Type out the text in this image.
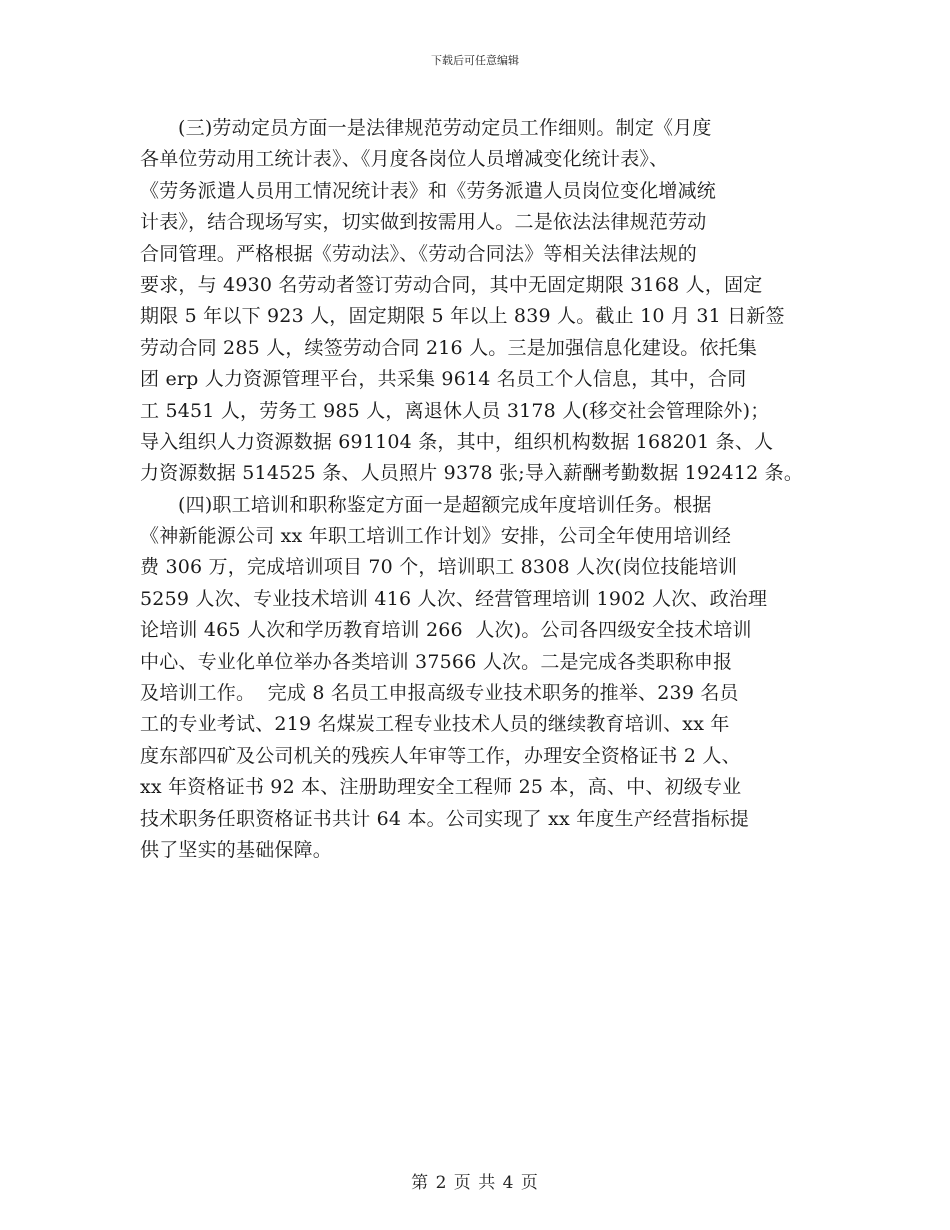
下载后可任意编辑
(三)劳动定员方面一是法律规范劳动定员工作细则。制定《月度
各单位劳动用工统计表》、《月度各岗位人员增减变化统计表》、
《劳务派遣人员用工情况统计表》和《劳务派遣人员岗位变化增减统
计表》，结合现场写实，切实做到按需用人。二是依法法律规范劳动
合同管理。严格根据《劳动法》、《劳动合同法》等相关法律法规的
要求，与 4930 名劳动者签订劳动合同，其中无固定期限 3168 人，固定
期限 5 年以下 923 人，固定期限 5 年以上 839 人。截止 10 月 31 日新签
劳动合同 285 人，续签劳动合同 216 人。三是加强信息化建设。依托集
团 erp 人力资源管理平台，共采集 9614 名员工个人信息，其中，合同
工 5451 人，劳务工 985 人，离退休人员 3178 人(移交社会管理除外)；
导入组织人力资源数据 691104 条，其中，组织机构数据 168201 条、人
力资源数据 514525 条、人员照片 9378 张;导入薪酬考勤数据 192412 条。
(四)职工培训和职称鉴定方面一是超额完成年度培训任务。根据
《神新能源公司 xx 年职工培训工作计划》安排，公司全年使用培训经
费 306 万，完成培训项目 70 个，培训职工 8308 人次(岗位技能培训
5259 人次、专业技术培训 416 人次、经营管理培训 1902 人次、政治理
论培训 465 人次和学历教育培训 266  人次)。公司各四级安全技术培训
中心、专业化单位举办各类培训 37566 人次。二是完成各类职称申报
及培训工作。  完成 8 名员工申报高级专业技术职务的推举、239 名员
工的专业考试、219 名煤炭工程专业技术人员的继续教育培训、xx 年
度东部四矿及公司机关的残疾人年审等工作，办理安全资格证书 2 人、
xx 年资格证书 92 本、注册助理安全工程师 25 本，高、中、初级专业
技术职务任职资格证书共计 64 本。公司实现了 xx 年度生产经营指标提
供了坚实的基础保障。
第 2 页 共 4 页
